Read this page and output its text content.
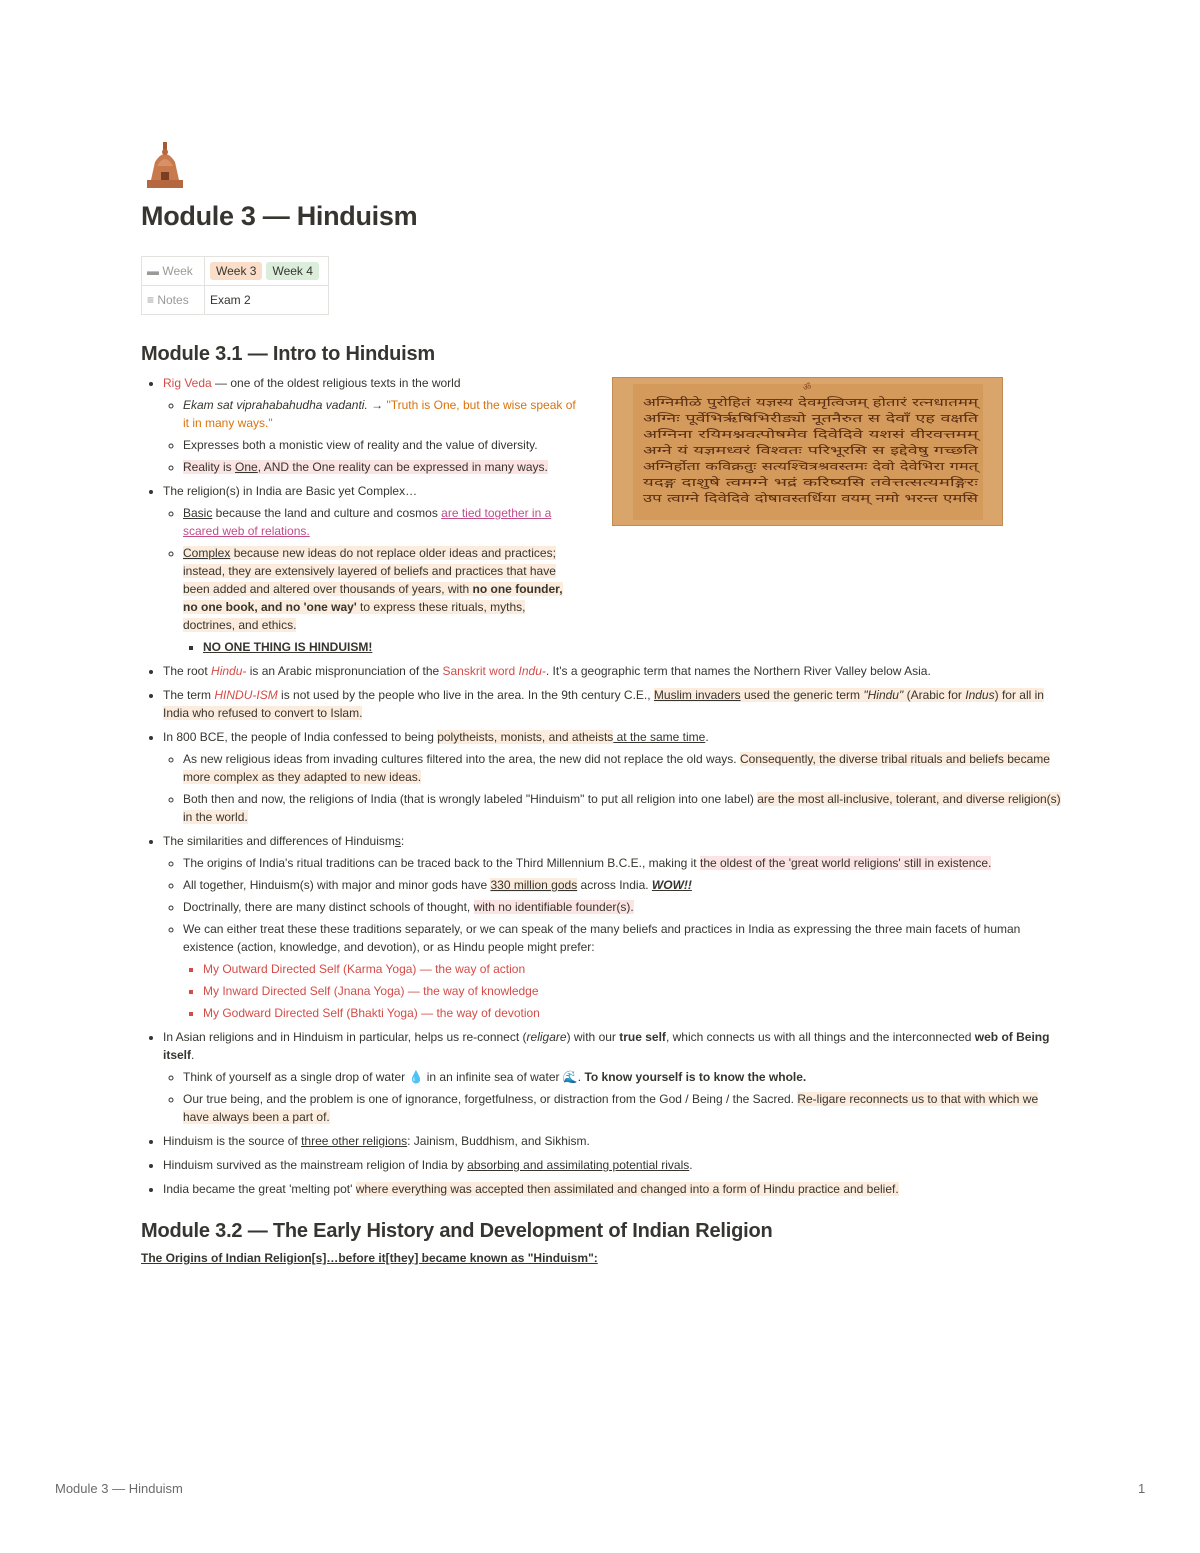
Module 3 — Hinduism
▬ Week	Week 3 Week 4
≡ Notes	Exam 2
Module 3.1 — Intro to Hinduism
अग्निमीळे पुरोहितं यज्ञस्य देवमृत्विजम् होतारं रत्नधातमम्
अग्निः पूर्वेभिर्ऋषिभिरीड्यो नूतनैरुत स देवाँ एह वक्षति
अग्निना रयिमश्नवत्पोषमेव दिवेदिवे यशसं वीरवत्तमम्
अग्ने यं यज्ञमध्वरं विश्वतः परिभूरसि स इद्देवेषु गच्छति
अग्निर्होता कविक्रतुः सत्यश्चित्रश्रवस्तमः देवो देवेभिरा गमत्
यदङ्ग दाशुषे त्वमग्ने भद्रं करिष्यसि तवेत्तत्सत्यमङ्गिरः
उप त्वाग्ने दिवेदिवे दोषावस्तर्धिया वयम् नमो भरन्त एमसि
ॐ
• Rig Veda — one of the oldest religious texts in the world
◦ Ekam sat viprahabahudha vadanti. → "Truth is One, but the wise speak of it in many ways."
◦ Expresses both a monistic view of reality and the value of diversity.
◦ Reality is One, AND the One reality can be expressed in many ways.
• The religion(s) in India are Basic yet Complex…
◦ Basic because the land and culture and cosmos are tied together in a scared web of relations.
◦ Complex because new ideas do not replace older ideas and practices; instead, they are extensively layered of beliefs and practices that have been added and altered over thousands of years, with no one founder, no one book, and no 'one way' to express these rituals, myths, doctrines, and ethics.
▪ NO ONE THING IS HINDUISM!
• The root Hindu- is an Arabic mispronunciation of the Sanskrit word Indu-. It's a geographic term that names the Northern River Valley below Asia.
• The term HINDU-ISM is not used by the people who live in the area. In the 9th century C.E., Muslim invaders used the generic term "Hindu" (Arabic for Indus) for all in India who refused to convert to Islam.
• In 800 BCE, the people of India confessed to being polytheists, monists, and atheists at the same time.
◦ As new religious ideas from invading cultures filtered into the area, the new did not replace the old ways. Consequently, the diverse tribal rituals and beliefs became more complex as they adapted to new ideas.
◦ Both then and now, the religions of India (that is wrongly labeled "Hinduism" to put all religion into one label) are the most all-inclusive, tolerant, and diverse religion(s) in the world.
• The similarities and differences of Hinduisms:
◦ The origins of India's ritual traditions can be traced back to the Third Millennium B.C.E., making it the oldest of the 'great world religions' still in existence.
◦ All together, Hinduism(s) with major and minor gods have 330 million gods across India. WOW!!
◦ Doctrinally, there are many distinct schools of thought, with no identifiable founder(s).
◦ We can either treat these these traditions separately, or we can speak of the many beliefs and practices in India as expressing the three main facets of human existence (action, knowledge, and devotion), or as Hindu people might prefer:
▪ My Outward Directed Self (Karma Yoga) — the way of action
▪ My Inward Directed Self (Jnana Yoga) — the way of knowledge
▪ My Godward Directed Self (Bhakti Yoga) — the way of devotion
• In Asian religions and in Hinduism in particular, helps us re-connect (religare) with our true self, which connects us with all things and the interconnected web of Being itself.
◦ Think of yourself as a single drop of water 💧 in an infinite sea of water 🌊. To know yourself is to know the whole.
◦ Our true being, and the problem is one of ignorance, forgetfulness, or distraction from the God / Being / the Sacred. Re-ligare reconnects us to that with which we have always been a part of.
• Hinduism is the source of three other religions: Jainism, Buddhism, and Sikhism.
• Hinduism survived as the mainstream religion of India by absorbing and assimilating potential rivals.
• India became the great 'melting pot' where everything was accepted then assimilated and changed into a form of Hindu practice and belief.
Module 3.2 — The Early History and Development of Indian Religion
The Origins of Indian Religion[s]…before it[they] became known as "Hinduism":
Module 3 — Hinduism	1
